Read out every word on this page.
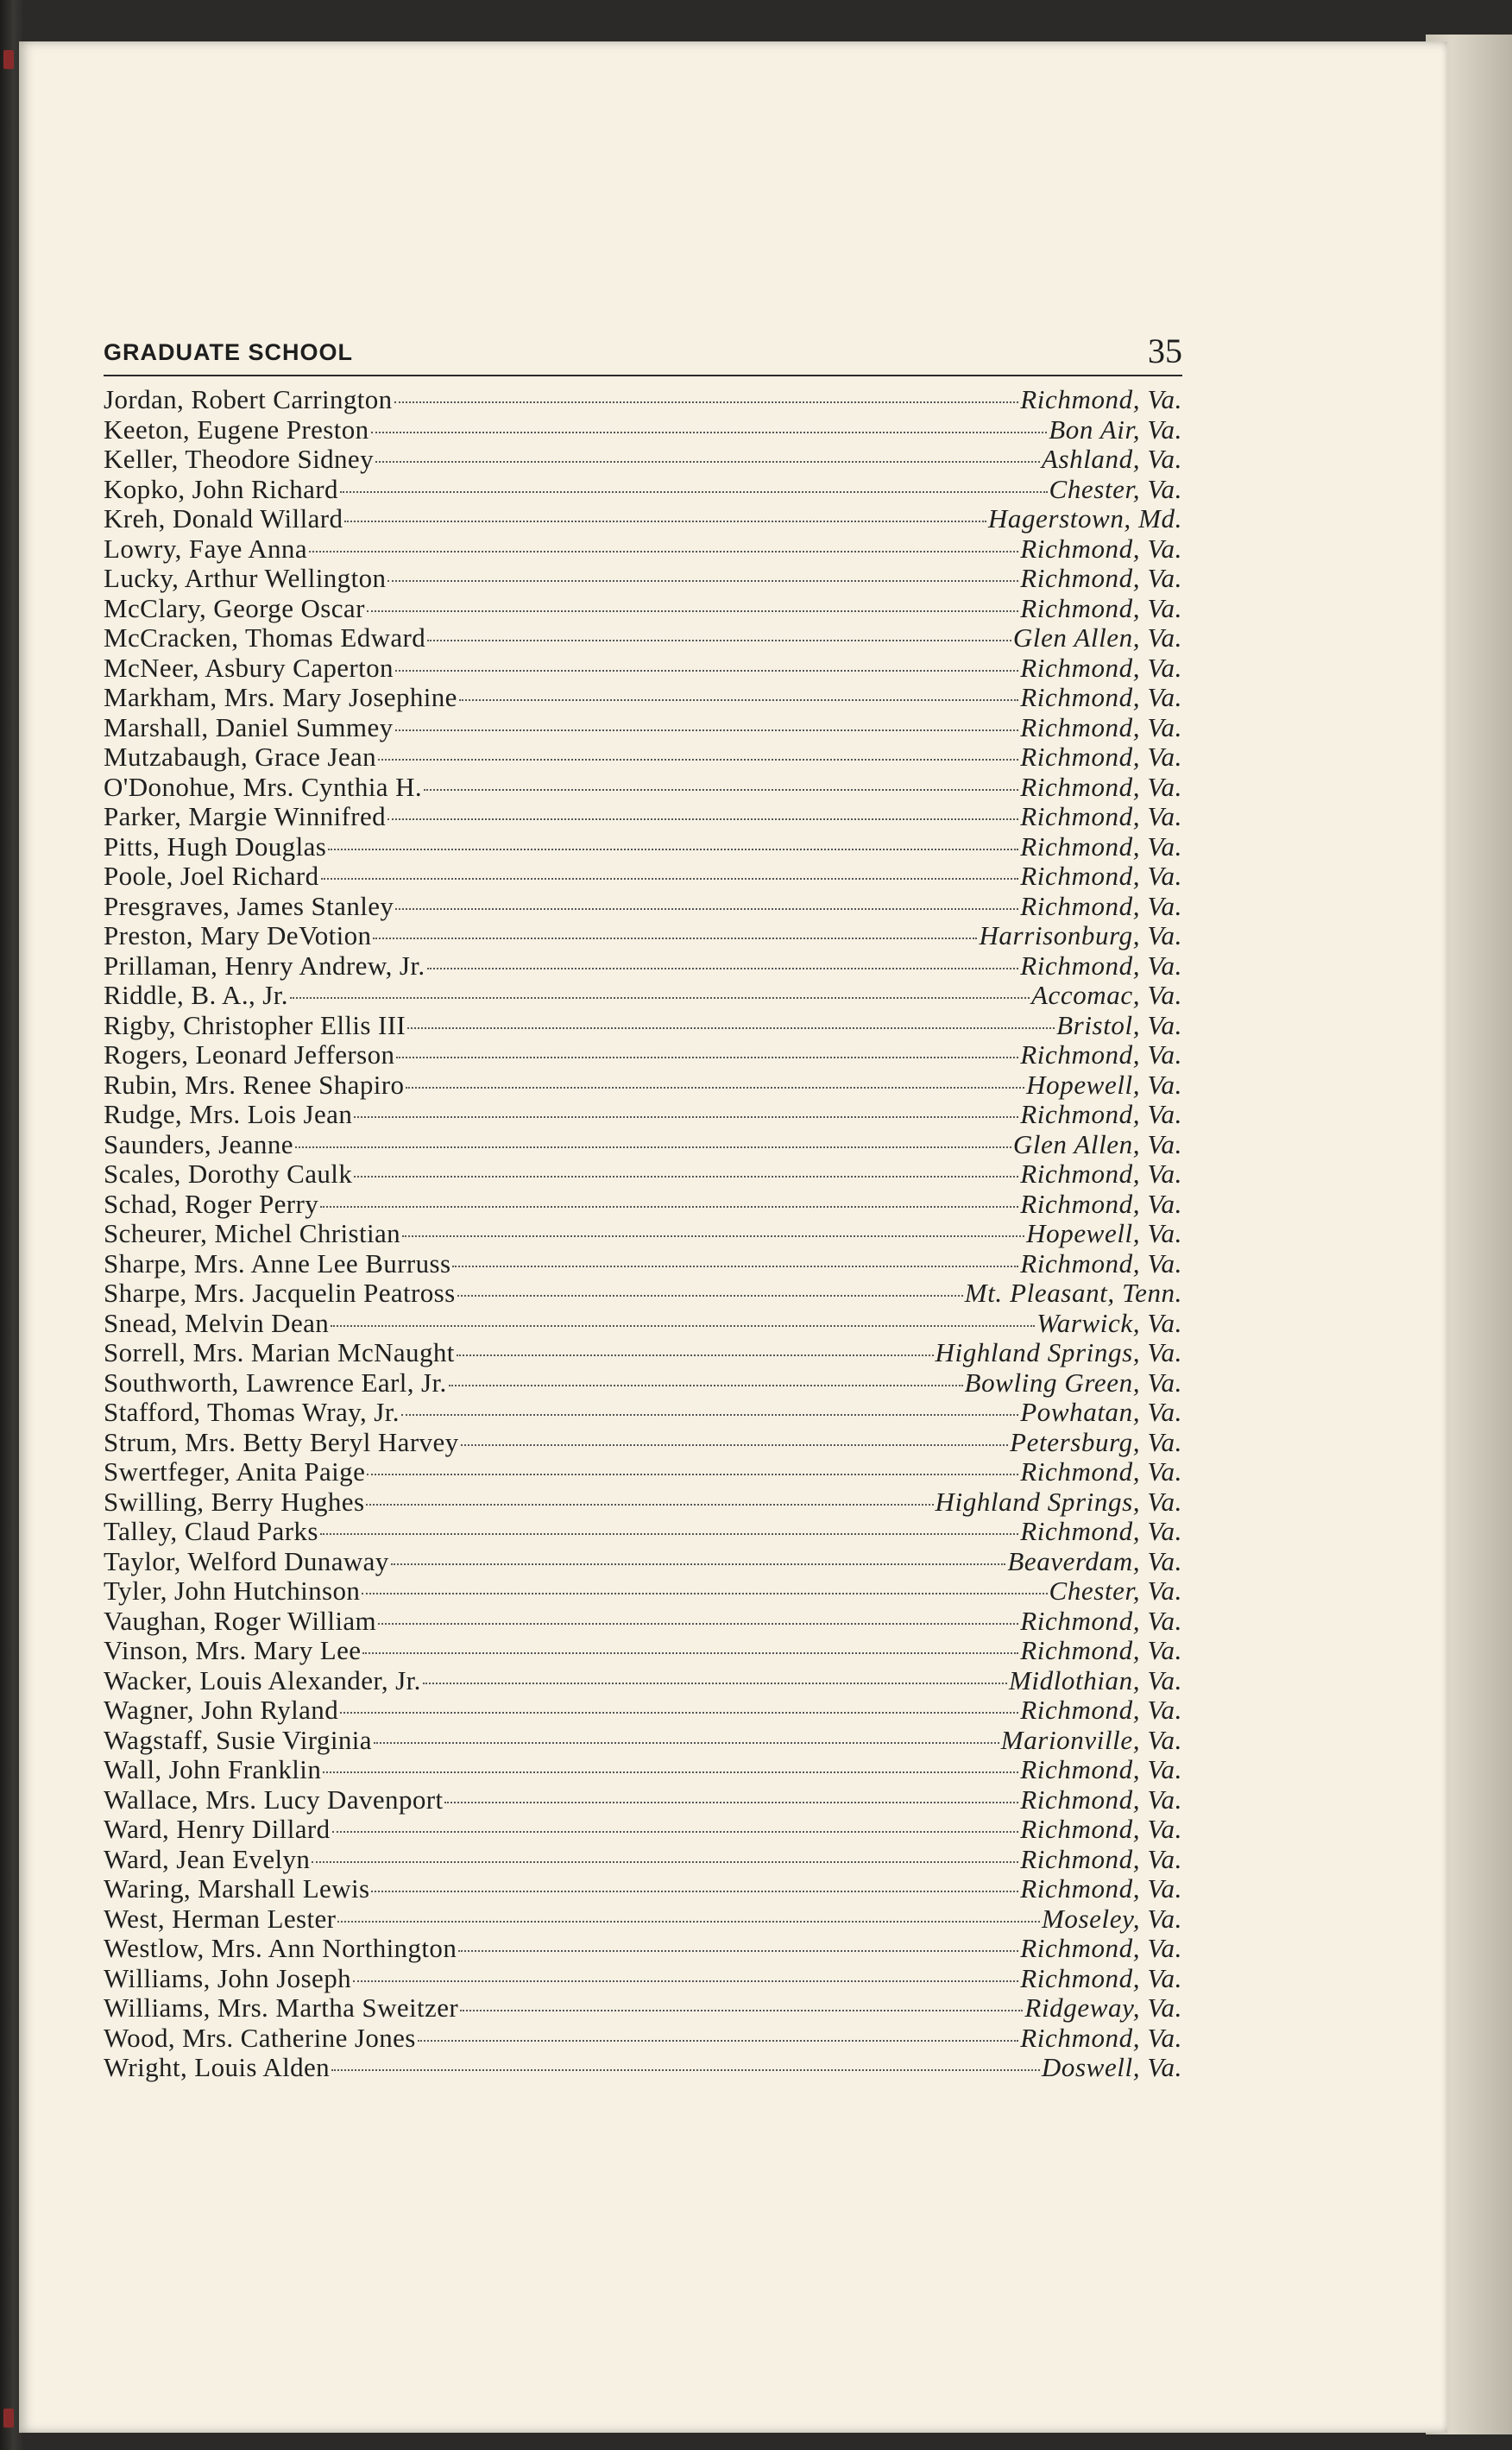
GRADUATE SCHOOL	35
Jordan, Robert Carrington	Richmond, Va.
Keeton, Eugene Preston	Bon Air, Va.
Keller, Theodore Sidney	Ashland, Va.
Kopko, John Richard	Chester, Va.
Kreh, Donald Willard	Hagerstown, Md.
Lowry, Faye Anna	Richmond, Va.
Lucky, Arthur Wellington	Richmond, Va.
McClary, George Oscar	Richmond, Va.
McCracken, Thomas Edward	Glen Allen, Va.
McNeer, Asbury Caperton	Richmond, Va.
Markham, Mrs. Mary Josephine	Richmond, Va.
Marshall, Daniel Summey	Richmond, Va.
Mutzabaugh, Grace Jean	Richmond, Va.
O'Donohue, Mrs. Cynthia H.	Richmond, Va.
Parker, Margie Winnifred	Richmond, Va.
Pitts, Hugh Douglas	Richmond, Va.
Poole, Joel Richard	Richmond, Va.
Presgraves, James Stanley	Richmond, Va.
Preston, Mary DeVotion	Harrisonburg, Va.
Prillaman, Henry Andrew, Jr.	Richmond, Va.
Riddle, B. A., Jr.	Accomac, Va.
Rigby, Christopher Ellis III	Bristol, Va.
Rogers, Leonard Jefferson	Richmond, Va.
Rubin, Mrs. Renee Shapiro	Hopewell, Va.
Rudge, Mrs. Lois Jean	Richmond, Va.
Saunders, Jeanne	Glen Allen, Va.
Scales, Dorothy Caulk	Richmond, Va.
Schad, Roger Perry	Richmond, Va.
Scheurer, Michel Christian	Hopewell, Va.
Sharpe, Mrs. Anne Lee Burruss	Richmond, Va.
Sharpe, Mrs. Jacquelin Peatross	Mt. Pleasant, Tenn.
Snead, Melvin Dean	Warwick, Va.
Sorrell, Mrs. Marian McNaught	Highland Springs, Va.
Southworth, Lawrence Earl, Jr.	Bowling Green, Va.
Stafford, Thomas Wray, Jr.	Powhatan, Va.
Strum, Mrs. Betty Beryl Harvey	Petersburg, Va.
Swertfeger, Anita Paige	Richmond, Va.
Swilling, Berry Hughes	Highland Springs, Va.
Talley, Claud Parks	Richmond, Va.
Taylor, Welford Dunaway	Beaverdam, Va.
Tyler, John Hutchinson	Chester, Va.
Vaughan, Roger William	Richmond, Va.
Vinson, Mrs. Mary Lee	Richmond, Va.
Wacker, Louis Alexander, Jr.	Midlothian, Va.
Wagner, John Ryland	Richmond, Va.
Wagstaff, Susie Virginia	Marionville, Va.
Wall, John Franklin	Richmond, Va.
Wallace, Mrs. Lucy Davenport	Richmond, Va.
Ward, Henry Dillard	Richmond, Va.
Ward, Jean Evelyn	Richmond, Va.
Waring, Marshall Lewis	Richmond, Va.
West, Herman Lester	Moseley, Va.
Westlow, Mrs. Ann Northington	Richmond, Va.
Williams, John Joseph	Richmond, Va.
Williams, Mrs. Martha Sweitzer	Ridgeway, Va.
Wood, Mrs. Catherine Jones	Richmond, Va.
Wright, Louis Alden	Doswell, Va.
